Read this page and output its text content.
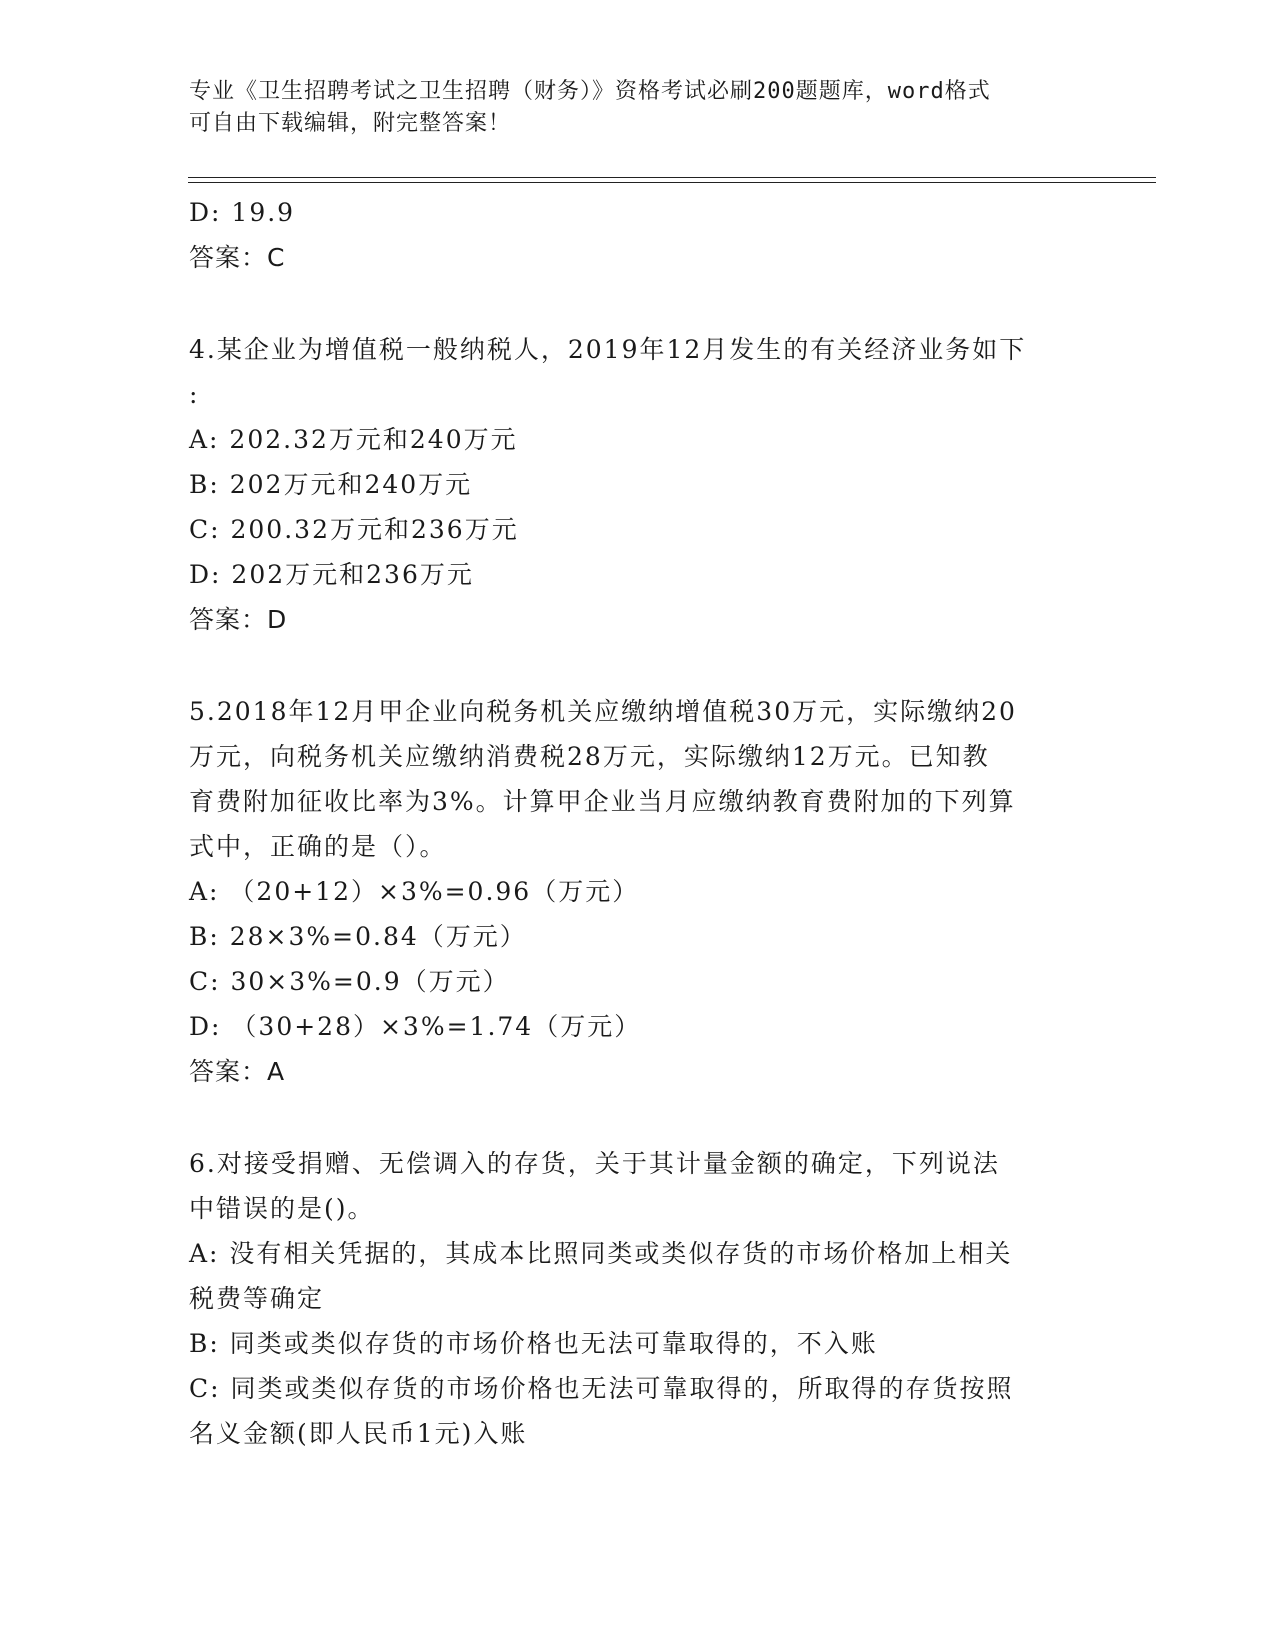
专业《卫生招聘考试之卫生招聘（财务）》资格考试必刷200题题库，word格式
可自由下载编辑，附完整答案！
D: 19.9
答案：C
4.某企业为增值税一般纳税人，2019年12月发生的有关经济业务如下
:
A: 202.32万元和240万元
B: 202万元和240万元
C: 200.32万元和236万元
D: 202万元和236万元
答案：D
5.2018年12月甲企业向税务机关应缴纳增值税30万元，实际缴纳20
万元，向税务机关应缴纳消费税28万元，实际缴纳12万元。已知教
育费附加征收比率为3%。计算甲企业当月应缴纳教育费附加的下列算
式中，正确的是（）。
A: （20+12）×3%=0.96（万元）
B: 28×3%=0.84（万元）
C: 30×3%=0.9（万元）
D: （30+28）×3%=1.74（万元）
答案：A
6.对接受捐赠、无偿调入的存货，关于其计量金额的确定，下列说法
中错误的是()。
A: 没有相关凭据的，其成本比照同类或类似存货的市场价格加上相关
税费等确定
B: 同类或类似存货的市场价格也无法可靠取得的，不入账
C: 同类或类似存货的市场价格也无法可靠取得的，所取得的存货按照
名义金额(即人民币1元)入账
